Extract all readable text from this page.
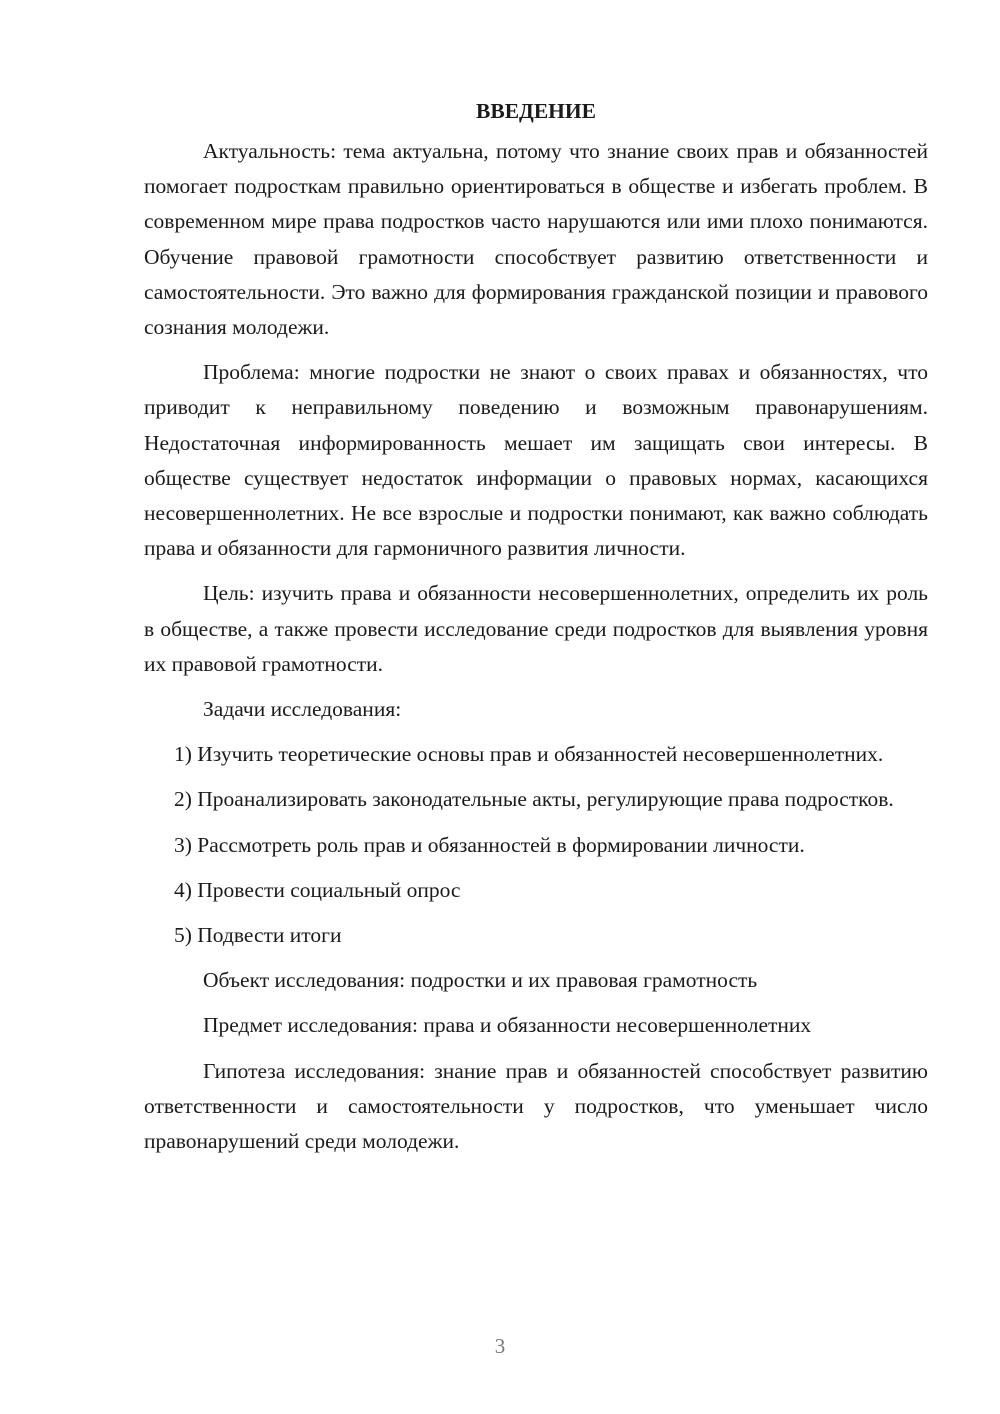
ВВЕДЕНИЕ

Актуальность: тема актуальна, потому что знание своих прав и обязанностей помогает подросткам правильно ориентироваться в обществе и избегать проблем. В современном мире права подростков часто нарушаются или ими плохо понимаются. Обучение правовой грамотности способствует развитию ответственности и самостоятельности. Это важно для формирования гражданской позиции и правового сознания молодежи.

Проблема: многие подростки не знают о своих правах и обязанностях, что приводит к неправильному поведению и возможным правонарушениям. Недостаточная информированность мешает им защищать свои интересы. В обществе существует недостаток информации о правовых нормах, касающихся несовершеннолетних. Не все взрослые и подростки понимают, как важно соблюдать права и обязанности для гармоничного развития личности.

Цель: изучить права и обязанности несовершеннолетних, определить их роль в обществе, а также провести исследование среди подростков для выявления уровня их правовой грамотности.

Задачи исследования:

1) Изучить теоретические основы прав и обязанностей несовершеннолетних.

2) Проанализировать законодательные акты, регулирующие права подростков.

3) Рассмотреть роль прав и обязанностей в формировании личности.

4) Провести социальный опрос

5) Подвести итоги

Объект исследования: подростки и их правовая грамотность

Предмет исследования: права и обязанности несовершеннолетних

Гипотеза исследования: знание прав и обязанностей способствует развитию ответственности и самостоятельности у подростков, что уменьшает число правонарушений среди молодежи.

3
